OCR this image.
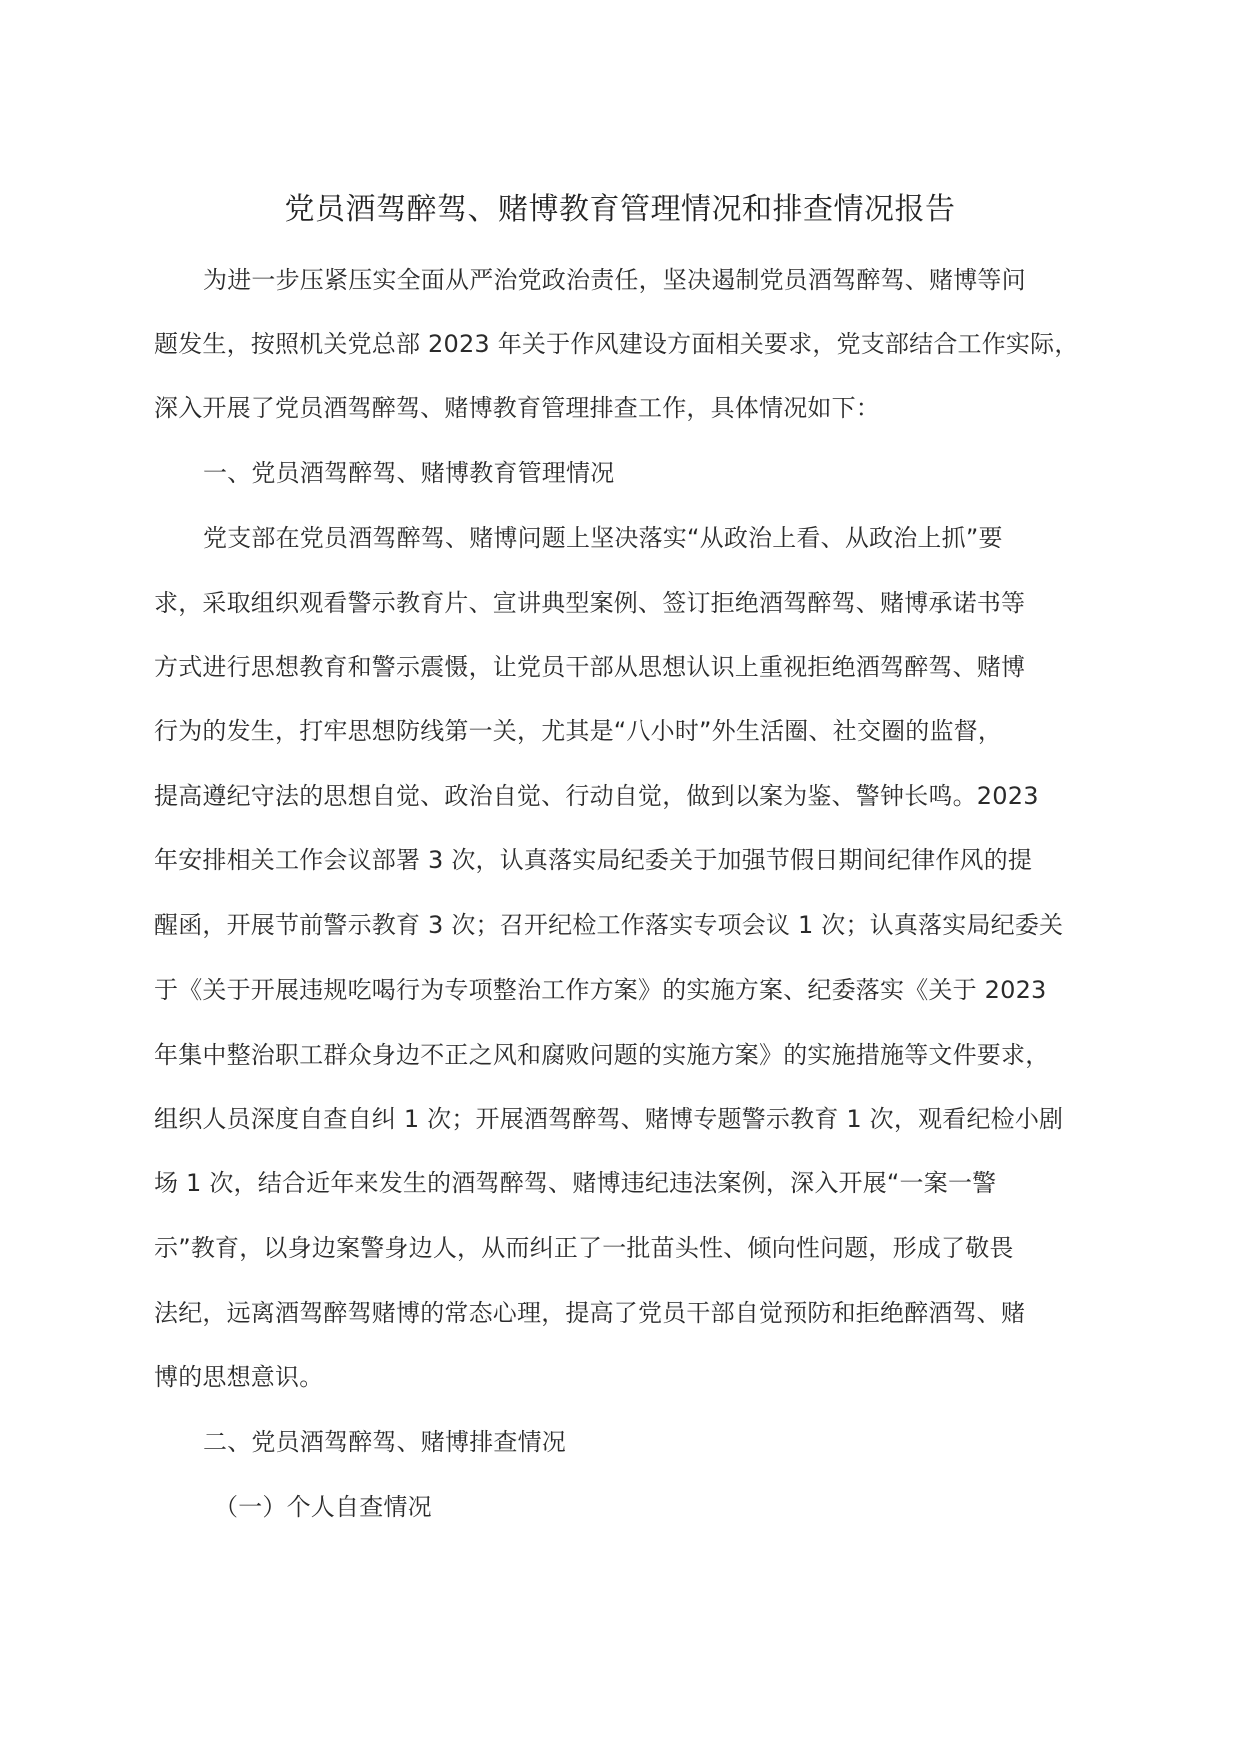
党员酒驾醉驾、赌博教育管理情况和排查情况报告
为进一步压紧压实全面从严治党政治责任，坚决遏制党员酒驾醉驾、赌博等问
题发生，按照机关党总部 2023 年关于作风建设方面相关要求，党支部结合工作实际，
深入开展了党员酒驾醉驾、赌博教育管理排查工作，具体情况如下：
一、党员酒驾醉驾、赌博教育管理情况
党支部在党员酒驾醉驾、赌博问题上坚决落实“从政治上看、从政治上抓”要
求，采取组织观看警示教育片、宣讲典型案例、签订拒绝酒驾醉驾、赌博承诺书等
方式进行思想教育和警示震慑，让党员干部从思想认识上重视拒绝酒驾醉驾、赌博
行为的发生，打牢思想防线第一关，尤其是“八小时”外生活圈、社交圈的监督，
提高遵纪守法的思想自觉、政治自觉、行动自觉，做到以案为鉴、警钟长鸣。2023
年安排相关工作会议部署 3 次，认真落实局纪委关于加强节假日期间纪律作风的提
醒函，开展节前警示教育 3 次；召开纪检工作落实专项会议 1 次；认真落实局纪委关
于《关于开展违规吃喝行为专项整治工作方案》的实施方案、纪委落实《关于 2023
年集中整治职工群众身边不正之风和腐败问题的实施方案》的实施措施等文件要求，
组织人员深度自查自纠 1 次；开展酒驾醉驾、赌博专题警示教育 1 次，观看纪检小剧
场 1 次，结合近年来发生的酒驾醉驾、赌博违纪违法案例，深入开展“一案一警
示”教育，以身边案警身边人，从而纠正了一批苗头性、倾向性问题，形成了敬畏
法纪，远离酒驾醉驾赌博的常态心理，提高了党员干部自觉预防和拒绝醉酒驾、赌
博的思想意识。
二、党员酒驾醉驾、赌博排查情况
（一）个人自查情况
